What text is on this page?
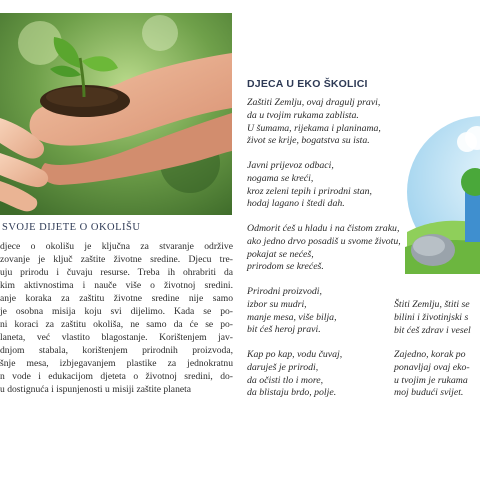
SVOJE DIJETE O OKOLIŠU
djece o okolišu je ključna za stvaranje održive
zovanje je ključ zaštite životne sredine. Djecu tre-
uju prirodu i čuvaju resurse. Treba ih ohrabriti da
kim aktivnostima i nauče više o životnoj sredini.
anje koraka za zaštitu životne sredine nije samo
je osobna misija koju svi dijelimo. Kada se po-
ni koraci za zaštitu okoliša, ne samo da će se po-
laneta, već vlastito blagostanje. Korištenjem jav-
dnjom stabala, korištenjem prirodnih proizvoda,
šnje mesa, izbjegavanjem plastike za jednokratnu
n vode i edukacijom djeteta o životnoj sredini, do-
u dostignuća i ispunjenosti u misiji zaštite planeta
DJECA U EKO ŠKOLICI
Zaštiti Zemlju, ovaj dragulj pravi,
da u tvojim rukama zablista.
U šumama, rijekama i planinama,
život se krije, bogatstva su ista.
Javni prijevoz odbaci,
nogama se kreći,
kroz zeleni tepih i prirodni stan,
hodaj lagano i štedi dah.
Odmorit ćeš u hladu i na čistom zraku,
ako jedno drvo posadiš u svome životu,
pokajat se nećeš,
prirodom se krećeš.
Prirodni proizvodi,
izbor su mudri,
manje mesa, više bilja,
bit ćeš heroj pravi.
Kap po kap, vodu čuvaj,
daruješ je prirodi,
da očisti tlo i more,
da blistaju brdo, polje.
Štiti Zemlju, štiti se
bilini i životinjski s
bit ćeš zdrav i vesel
Zajedno, korak po
ponavljaj ovaj eko-
u tvojim je rukama
moj budući svijet.
